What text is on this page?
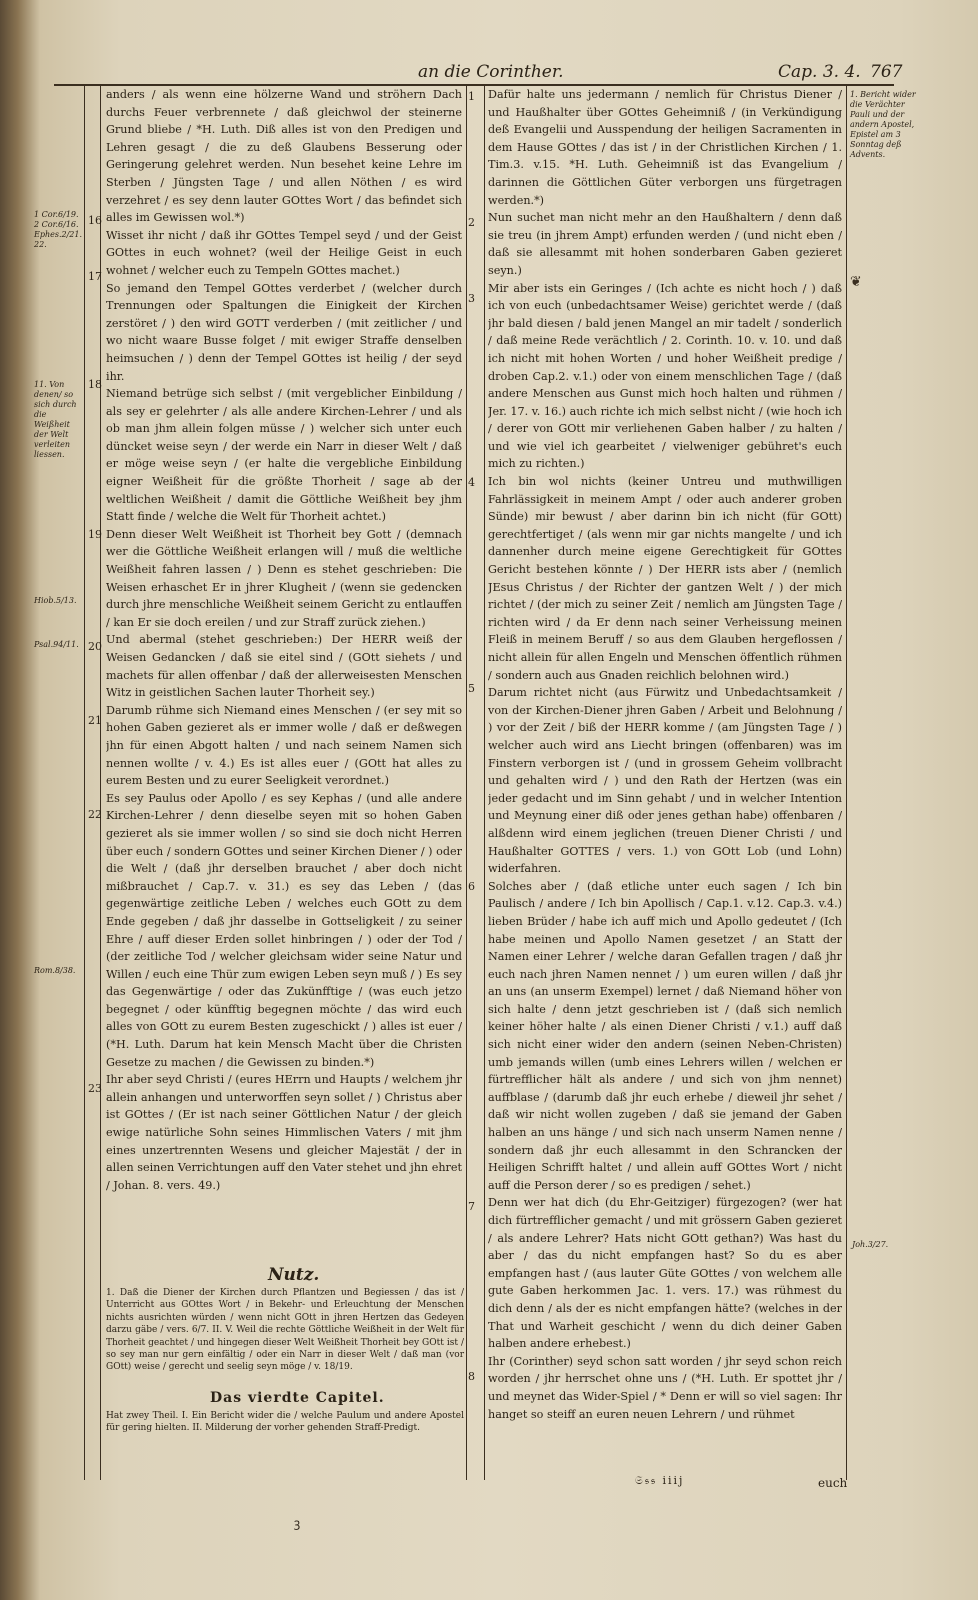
an die Corinther.	Cap. 3. 4. 767
1 Cor.6/19. 2 Cor.6/16. Ephes.2/21. 22.
11. Von denen/ so sich durch die Weißheit der Welt verleiten liessen.
Hiob.5/13.
Psal.94/11.
Rom.8/38.
1. Bericht wider die Verächter Pauli und der andern Apostel, Epistel am 3 Sonntag deß Advents.
Joh.3/27.
16
17
18
19
20
21
22
23
1
2
3
4
5
6
7
8

anders / als wenn eine hölzerne Wand und ströhern Dach durchs Feuer verbrennete / daß gleichwol der steinerne Grund bliebe / *H. Luth. Diß alles ist von den Predigen und Lehren gesagt / die zu deß Glaubens Besserung oder Geringerung gelehret werden. Nun besehet keine Lehre im Sterben / Jüngsten Tage / und allen Nöthen / es wird verzehret / es sey denn lauter GOttes Wort / das befindet sich alles im Gewissen wol.*)

Wisset ihr nicht / daß ihr GOttes Tempel seyd / und der Geist GOttes in euch wohnet? (weil der Heilige Geist in euch wohnet / welcher euch zu Tempeln GOttes machet.)

So jemand den Tempel GOttes verderbet / (welcher durch Trennungen oder Spaltungen die Einigkeit der Kirchen zerstöret / ) den wird GOTT verderben / (mit zeitlicher / und wo nicht waare Busse folget / mit ewiger Straffe denselben heimsuchen / ) denn der Tempel GOttes ist heilig / der seyd ihr.

Niemand betrüge sich selbst / (mit vergeblicher Einbildung / als sey er gelehrter / als alle andere Kirchen-Lehrer / und als ob man jhm allein folgen müsse / ) welcher sich unter euch düncket weise seyn / der werde ein Narr in dieser Welt / daß er möge weise seyn / (er halte die vergebliche Einbildung eigner Weißheit für die größte Thorheit / sage ab der weltlichen Weißheit / damit die Göttliche Weißheit bey jhm Statt finde / welche die Welt für Thorheit achtet.)

Denn dieser Welt Weißheit ist Thorheit bey Gott / (demnach wer die Göttliche Weißheit erlangen will / muß die weltliche Weißheit fahren lassen / ) Denn es stehet geschrieben: Die Weisen erhaschet Er in jhrer Klugheit / (wenn sie gedencken durch jhre menschliche Weißheit seinem Gericht zu entlauffen / kan Er sie doch ereilen / und zur Straff zurück ziehen.)

Und abermal (stehet geschrieben:) Der HERR weiß der Weisen Gedancken / daß sie eitel sind / (GOtt siehets / und machets für allen offenbar / daß der allerweisesten Menschen Witz in geistlichen Sachen lauter Thorheit sey.)

Darumb rühme sich Niemand eines Menschen / (er sey mit so hohen Gaben gezieret als er immer wolle / daß er deßwegen jhn für einen Abgott halten / und nach seinem Namen sich nennen wollte / v. 4.) Es ist alles euer / (GOtt hat alles zu eurem Besten und zu eurer Seeligkeit verordnet.)

Es sey Paulus oder Apollo / es sey Kephas / (und alle andere Kirchen-Lehrer / denn dieselbe seyen mit so hohen Gaben gezieret als sie immer wollen / so sind sie doch nicht Herren über euch / sondern GOttes und seiner Kirchen Diener / ) oder die Welt / (daß jhr derselben brauchet / aber doch nicht mißbrauchet / Cap.7. v. 31.) es sey das Leben / (das gegenwärtige zeitliche Leben / welches euch GOtt zu dem Ende gegeben / daß jhr dasselbe in Gottseligkeit / zu seiner Ehre / auff dieser Erden sollet hinbringen / ) oder der Tod / (der zeitliche Tod / welcher gleichsam wider seine Natur und Willen / euch eine Thür zum ewigen Leben seyn muß / ) Es sey das Gegenwärtige / oder das Zukünfftige / (was euch jetzo begegnet / oder künfftig begegnen möchte / das wird euch alles von GOtt zu eurem Besten zugeschickt / ) alles ist euer / (*H. Luth. Darum hat kein Mensch Macht über die Christen Gesetze zu machen / die Gewissen zu binden.*)

Ihr aber seyd Christi / (eures HErrn und Haupts / welchem jhr allein anhangen und unterworffen seyn sollet / ) Christus aber ist GOttes / (Er ist nach seiner Göttlichen Natur / der gleich ewige natürliche Sohn seines Himmlischen Vaters / mit jhm eines unzertrennten Wesens und gleicher Majestät / der in allen seinen Verrichtungen auff den Vater stehet und jhn ehret / Johan. 8. vers. 49.)

Nutz.
1. Daß die Diener der Kirchen durch Pflantzen und Begiessen / das ist / Unterricht aus GOttes Wort / in Bekehr- und Erleuchtung der Menschen nichts ausrichten würden / wenn nicht GOtt in jhren Hertzen das Gedeyen darzu gäbe / vers. 6/7. II. V. Weil die rechte Göttliche Weißheit in der Welt für Thorheit geachtet / und hingegen dieser Welt Weißheit Thorheit bey GOtt ist / so sey man nur gern einfältig / oder ein Narr in dieser Welt / daß man (vor GOtt) weise / gerecht und seelig seyn möge / v. 18/19.
Das vierdte Capitel.
Hat zwey Theil. I. Ein Bericht wider die / welche Paulum und andere Apostel für gering hielten. II. Milderung der vorher gehenden Straff-Predigt.

Dafür halte uns jedermann / nemlich für Christus Diener / und Haußhalter über GOttes Geheimniß / (in Verkündigung deß Evangelii und Ausspendung der heiligen Sacramenten in dem Hause GOttes / das ist / in der Christlichen Kirchen / 1. Tim.3. v.15. *H. Luth. Geheimniß ist das Evangelium / darinnen die Göttlichen Güter verborgen uns fürgetragen werden.*)

Nun suchet man nicht mehr an den Haußhaltern / denn daß sie treu (in jhrem Ampt) erfunden werden / (und nicht eben / daß sie allesammt mit hohen sonderbaren Gaben gezieret seyn.)

Mir aber ists ein Geringes / (Ich achte es nicht hoch / ) daß ich von euch (unbedachtsamer Weise) gerichtet werde / (daß jhr bald diesen / bald jenen Mangel an mir tadelt / sonderlich / daß meine Rede verächtlich / 2. Corinth. 10. v. 10. und daß ich nicht mit hohen Worten / und hoher Weißheit predige / droben Cap.2. v.1.) oder von einem menschlichen Tage / (daß andere Menschen aus Gunst mich hoch halten und rühmen / Jer. 17. v. 16.) auch richte ich mich selbst nicht / (wie hoch ich / derer von GOtt mir verliehenen Gaben halber / zu halten / und wie viel ich gearbeitet / vielweniger gebühret's euch mich zu richten.)

Ich bin wol nichts (keiner Untreu und muthwilligen Fahrlässigkeit in meinem Ampt / oder auch anderer groben Sünde) mir bewust / aber darinn bin ich nicht (für GOtt) gerechtfertiget / (als wenn mir gar nichts mangelte / und ich dannenher durch meine eigene Gerechtigkeit für GOttes Gericht bestehen könnte / ) Der HERR ists aber / (nemlich JEsus Christus / der Richter der gantzen Welt / ) der mich richtet / (der mich zu seiner Zeit / nemlich am Jüngsten Tage / richten wird / da Er denn nach seiner Verheissung meinen Fleiß in meinem Beruff / so aus dem Glauben hergeflossen / nicht allein für allen Engeln und Menschen öffentlich rühmen / sondern auch aus Gnaden reichlich belohnen wird.)

Darum richtet nicht (aus Fürwitz und Unbedachtsamkeit / von der Kirchen-Diener jhren Gaben / Arbeit und Belohnung / ) vor der Zeit / biß der HERR komme / (am Jüngsten Tage / ) welcher auch wird ans Liecht bringen (offenbaren) was im Finstern verborgen ist / (und in grossem Geheim vollbracht und gehalten wird / ) und den Rath der Hertzen (was ein jeder gedacht und im Sinn gehabt / und in welcher Intention und Meynung einer diß oder jenes gethan habe) offenbaren / alßdenn wird einem jeglichen (treuen Diener Christi / und Haußhalter GOTTES / vers. 1.) von GOtt Lob (und Lohn) widerfahren.

Solches aber / (daß etliche unter euch sagen / Ich bin Paulisch / andere / Ich bin Apollisch / Cap.1. v.12. Cap.3. v.4.) lieben Brüder / habe ich auff mich und Apollo gedeutet / (Ich habe meinen und Apollo Namen gesetzet / an Statt der Namen einer Lehrer / welche daran Gefallen tragen / daß jhr euch nach jhren Namen nennet / ) um euren willen / daß jhr an uns (an unserm Exempel) lernet / daß Niemand höher von sich halte / denn jetzt geschrieben ist / (daß sich nemlich keiner höher halte / als einen Diener Christi / v.1.) auff daß sich nicht einer wider den andern (seinen Neben-Christen) umb jemands willen (umb eines Lehrers willen / welchen er fürtrefflicher hält als andere / und sich von jhm nennet) auffblase / (darumb daß jhr euch erhebe / dieweil jhr sehet / daß wir nicht wollen zugeben / daß sie jemand der Gaben halben an uns hänge / und sich nach unserm Namen nenne / sondern daß jhr euch allesammt in den Schrancken der Heiligen Schrifft haltet / und allein auff GOttes Wort / nicht auff die Person derer / so es predigen / sehet.)

Denn wer hat dich (du Ehr-Geitziger) fürgezogen? (wer hat dich fürtrefflicher gemacht / und mit grössern Gaben gezieret / als andere Lehrer? Hats nicht GOtt gethan?) Was hast du aber / das du nicht empfangen hast? So du es aber empfangen hast / (aus lauter Güte GOttes / von welchem alle gute Gaben herkommen Jac. 1. vers. 17.) was rühmest du dich denn / als der es nicht empfangen hätte? (welches in der That und Warheit geschicht / wenn du dich deiner Gaben halben andere erhebest.)

Ihr (Corinther) seyd schon satt worden / jhr seyd schon reich worden / jhr herrschet ohne uns / (*H. Luth. Er spottet jhr / und meynet das Wider-Spiel / * Denn er will so viel sagen: Ihr hanget so steiff an euren neuen Lehrern / und rühmet

❦
𝔖𝔰𝔰 iiij	euch
ꝫ
